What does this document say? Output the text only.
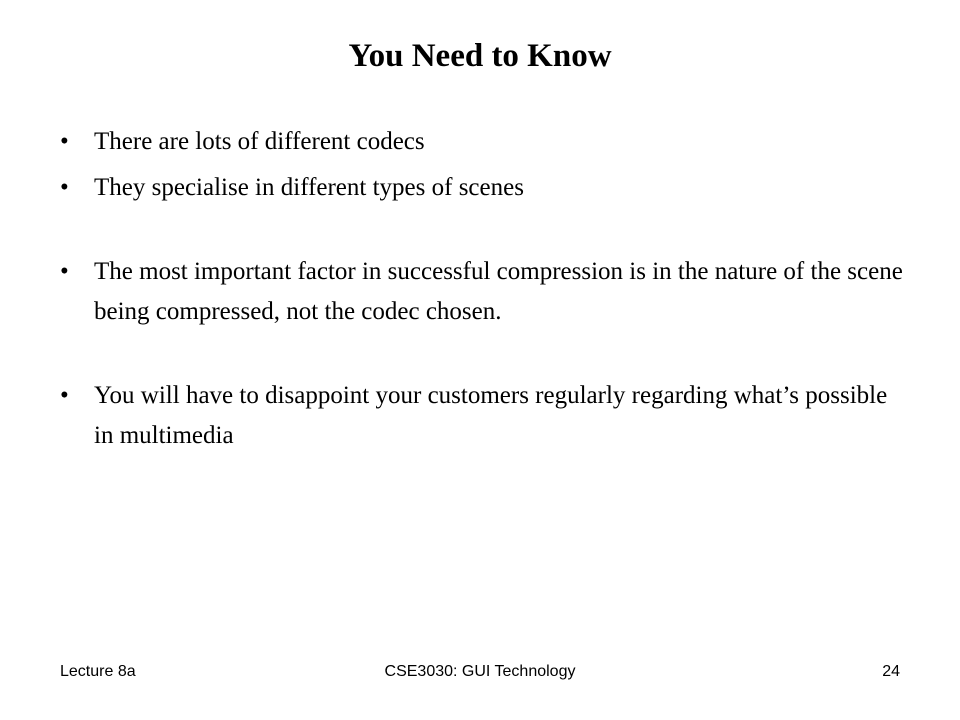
You Need to Know
• There are lots of different codecs
• They specialise in different types of scenes
• The most important factor in successful compression is in the nature of the scene being compressed, not the codec chosen.
• You will have to disappoint your customers regularly regarding what’s possible in multimedia
Lecture 8a	CSE3030: GUI Technology	24
